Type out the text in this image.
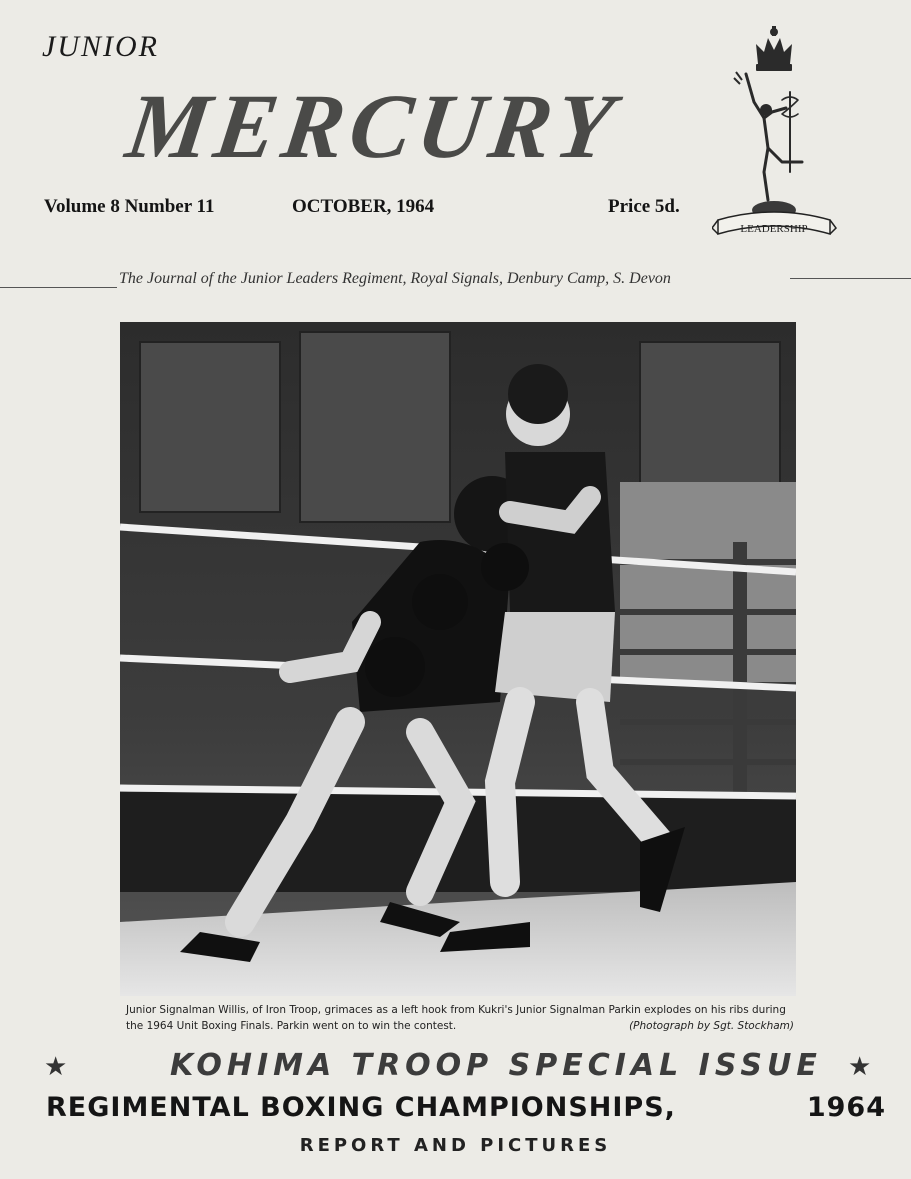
JUNIOR
MERCURY
Volume 8 Number 11	OCTOBER, 1964	Price 5d.
LEADERSHIP
The Journal of the Junior Leaders Regiment, Royal Signals, Denbury Camp, S. Devon
Junior Signalman Willis, of Iron Troop, grimaces as a left hook from Kukri's Junior Signalman Parkin explodes on his ribs during the 1964 Unit Boxing Finals. Parkin went on to win the contest.	(Photograph by Sgt. Stockham)
★	KOHIMA TROOP SPECIAL ISSUE ★
REGIMENTAL BOXING CHAMPIONSHIPS,	1964
REPORT AND PICTURES
